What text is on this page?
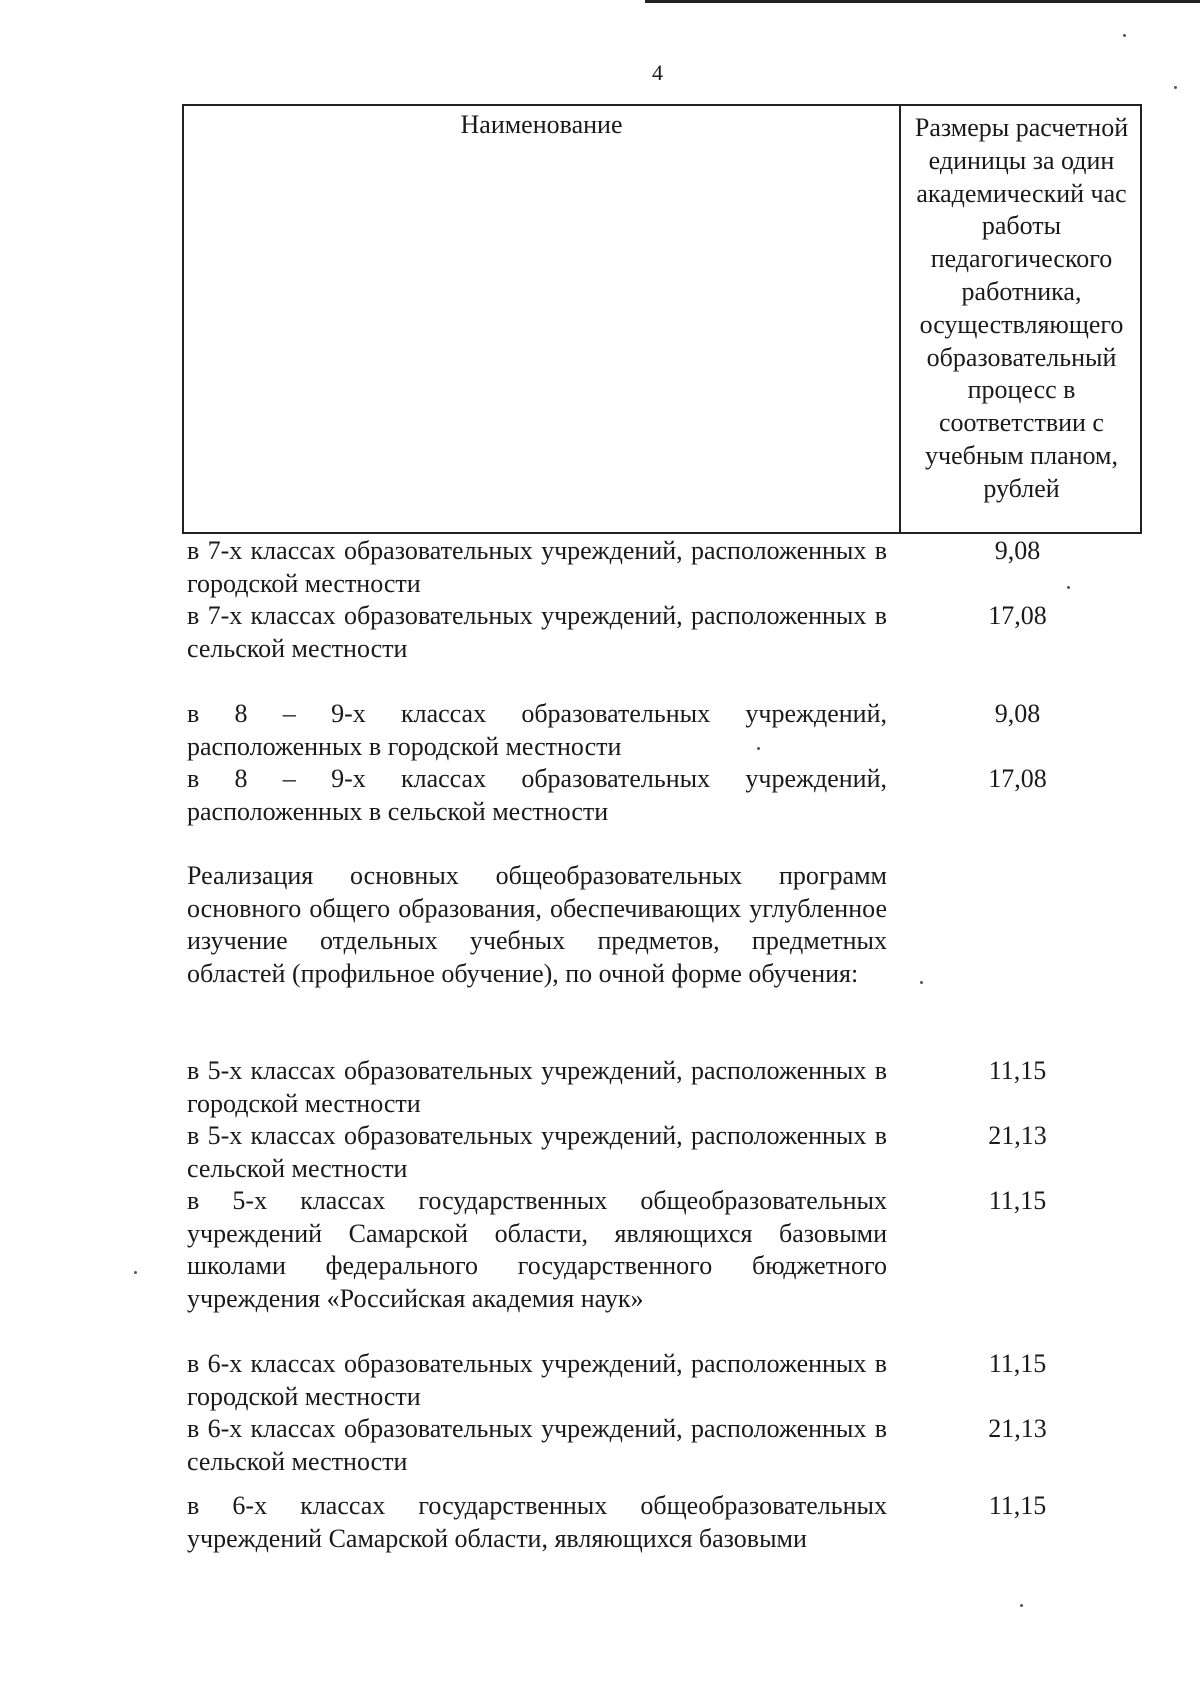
4
Наименование	Размеры расчетной единицы за один академический час работы педагогического работника, осуществляющего образовательный процесс в соответствии с учебным планом, рублей
в 7-х классах образовательных учреждений, расположенных в городской местности
9,08
в 7-х классах образовательных учреждений, расположенных в сельской местности
17,08
в 8 – 9-х классах образовательных учреждений, расположенных в городской местности
9,08
в 8 – 9-х классах образовательных учреждений, расположенных в сельской местности
17,08
Реализация основных общеобразовательных программ основного общего образования, обеспечивающих углубленное изучение отдельных учебных предметов, предметных областей (профильное обучение), по очной форме обучения:
в 5-х классах образовательных учреждений, расположенных в городской местности
11,15
в 5-х классах образовательных учреждений, расположенных в сельской местности
21,13
в 5-х классах государственных общеобразовательных учреждений Самарской области, являющихся базовыми школами федерального государственного бюджетного учреждения «Российская академия наук»
11,15
в 6-х классах образовательных учреждений, расположенных в городской местности
11,15
в 6-х классах образовательных учреждений, расположенных в сельской местности
21,13
в 6-х классах государственных общеобразовательных учреждений Самарской области, являющихся базовыми
11,15
